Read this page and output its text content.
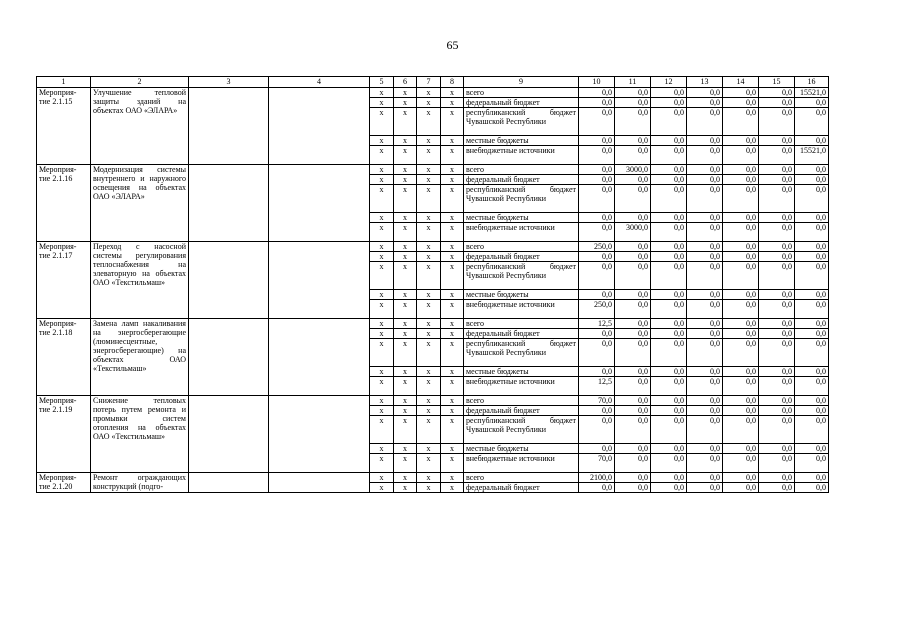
65
1	2	3	4	5	6	7	8	9	10	11	12	13	14	15	16
Мероприя-
тие 2.1.15	Улучшение тепловой защиты зданий на объектах ОАО «ЭЛАРА»			х	х	х	х	всего	0,0	0,0	0,0	0,0	0,0	0,0	15521,0
				х	х	х	х	федеральный бюджет	0,0	0,0	0,0	0,0	0,0	0,0	0,0
				х	х	х	х	республиканский бюджет Чувашской Республики	0,0	0,0	0,0	0,0	0,0	0,0	0,0
				х	х	х	х	местные бюджеты	0,0	0,0	0,0	0,0	0,0	0,0	0,0
				х	х	х	х	внебюджетные источники	0,0	0,0	0,0	0,0	0,0	0,0	15521,0
Мероприя-
тие 2.1.16	Модернизация системы внутреннего и наружного освещения на объектах ОАО «ЭЛАРА»			х	х	х	х	всего	0,0	3000,0	0,0	0,0	0,0	0,0	0,0
				х	х	х	х	федеральный бюджет	0,0	0,0	0,0	0,0	0,0	0,0	0,0
				х	х	х	х	республиканский бюджет Чувашской Республики	0,0	0,0	0,0	0,0	0,0	0,0	0,0
				х	х	х	х	местные бюджеты	0,0	0,0	0,0	0,0	0,0	0,0	0,0
				х	х	х	х	внебюджетные источники	0,0	3000,0	0,0	0,0	0,0	0,0	0,0
Мероприя-
тие 2.1.17	Переход с насосной системы регулирования теплоснабжения на элеваторную на объектах ОАО «Текстильмаш»			х	х	х	х	всего	250,0	0,0	0,0	0,0	0,0	0,0	0,0
				х	х	х	х	федеральный бюджет	0,0	0,0	0,0	0,0	0,0	0,0	0,0
				х	х	х	х	республиканский бюджет Чувашской Республики	0,0	0,0	0,0	0,0	0,0	0,0	0,0
				х	х	х	х	местные бюджеты	0,0	0,0	0,0	0,0	0,0	0,0	0,0
				х	х	х	х	внебюджетные источники	250,0	0,0	0,0	0,0	0,0	0,0	0,0
Мероприя-
тие 2.1.18	Замена ламп накаливания на энергосберегающие (люминесцентные, энергосберегающие) на объектах ОАО «Текстильмаш»			х	х	х	х	всего	12,5	0,0	0,0	0,0	0,0	0,0	0,0
				х	х	х	х	федеральный бюджет	0,0	0,0	0,0	0,0	0,0	0,0	0,0
				х	х	х	х	республиканский бюджет Чувашской Республики	0,0	0,0	0,0	0,0	0,0	0,0	0,0
				х	х	х	х	местные бюджеты	0,0	0,0	0,0	0,0	0,0	0,0	0,0
				х	х	х	х	внебюджетные источники	12,5	0,0	0,0	0,0	0,0	0,0	0,0
Мероприя-
тие 2.1.19	Снижение тепловых потерь путем ремонта и промывки систем отопления на объектах ОАО «Текстильмаш»			х	х	х	х	всего	70,0	0,0	0,0	0,0	0,0	0,0	0,0
				х	х	х	х	федеральный бюджет	0,0	0,0	0,0	0,0	0,0	0,0	0,0
				х	х	х	х	республиканский бюджет Чувашской Республики	0,0	0,0	0,0	0,0	0,0	0,0	0,0
				х	х	х	х	местные бюджеты	0,0	0,0	0,0	0,0	0,0	0,0	0,0
				х	х	х	х	внебюджетные источники	70,0	0,0	0,0	0,0	0,0	0,0	0,0
Мероприя-
тие 2.1.20	Ремонт ограждающих конструкций (подго-			х	х	х	х	всего	2100,0	0,0	0,0	0,0	0,0	0,0	0,0
				х	х	х	х	федеральный бюджет	0,0	0,0	0,0	0,0	0,0	0,0	0,0
